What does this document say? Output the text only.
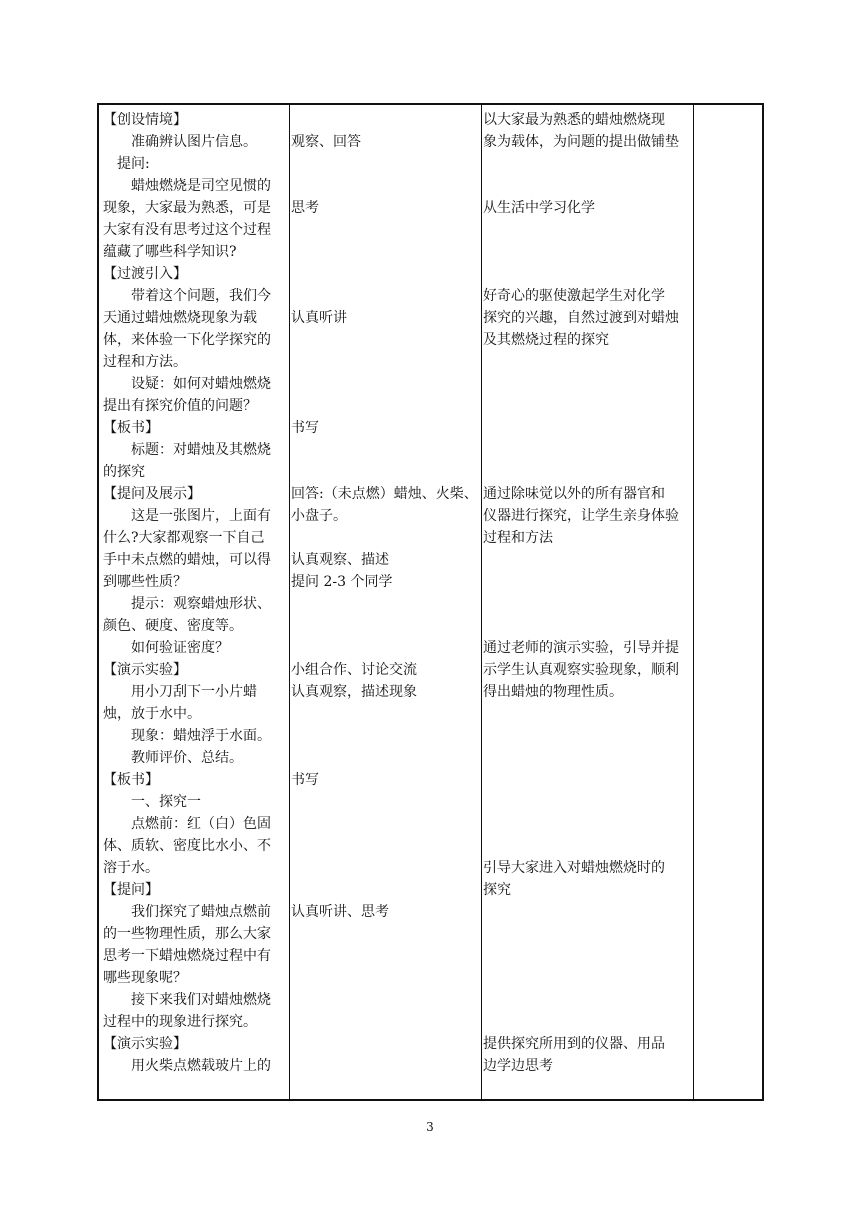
【创设情境】
　　准确辨认图片信息。
　提问:
　　蜡烛燃烧是司空见惯的
现象，大家最为熟悉，可是
大家有没有思考过这个过程
蕴藏了哪些科学知识?
【过渡引入】
　　带着这个问题，我们今
天通过蜡烛燃烧现象为载
体，来体验一下化学探究的
过程和方法。
　　设疑：如何对蜡烛燃烧
提出有探究价值的问题？
【板书】
　　标题：对蜡烛及其燃烧
的探究
【提问及展示】
　　这是一张图片，上面有
什么?大家都观察一下自己
手中未点燃的蜡烛，可以得
到哪些性质？
　　提示：观察蜡烛形状、
颜色、硬度、密度等。
　　如何验证密度？
【演示实验】
　　用小刀刮下一小片蜡
烛，放于水中。
　　现象：蜡烛浮于水面。
　　教师评价、总结。
【板书】
　　一、探究一
　　点燃前：红（白）色固
体、质软、密度比水小、不
溶于水。
【提问】
　　我们探究了蜡烛点燃前
的一些物理性质，那么大家
思考一下蜡烛燃烧过程中有
哪些现象呢？
　　接下来我们对蜡烛燃烧
过程中的现象进行探究。
【演示实验】
　　用火柴点燃载玻片上的
观察、回答
思考
认真听讲
书写
回答:（未点燃）蜡烛、火柴、
小盘子。
认真观察、描述
提问 2-3 个同学
小组合作、讨论交流
认真观察，描述现象
书写
认真听讲、思考
以大家最为熟悉的蜡烛燃烧现
象为载体，为问题的提出做铺垫
从生活中学习化学
好奇心的驱使激起学生对化学
探究的兴趣，自然过渡到对蜡烛
及其燃烧过程的探究
通过除味觉以外的所有器官和
仪器进行探究，让学生亲身体验
过程和方法
通过老师的演示实验，引导并提
示学生认真观察实验现象，顺利
得出蜡烛的物理性质。
引导大家进入对蜡烛燃烧时的
探究
提供探究所用到的仪器、用品
边学边思考
3
